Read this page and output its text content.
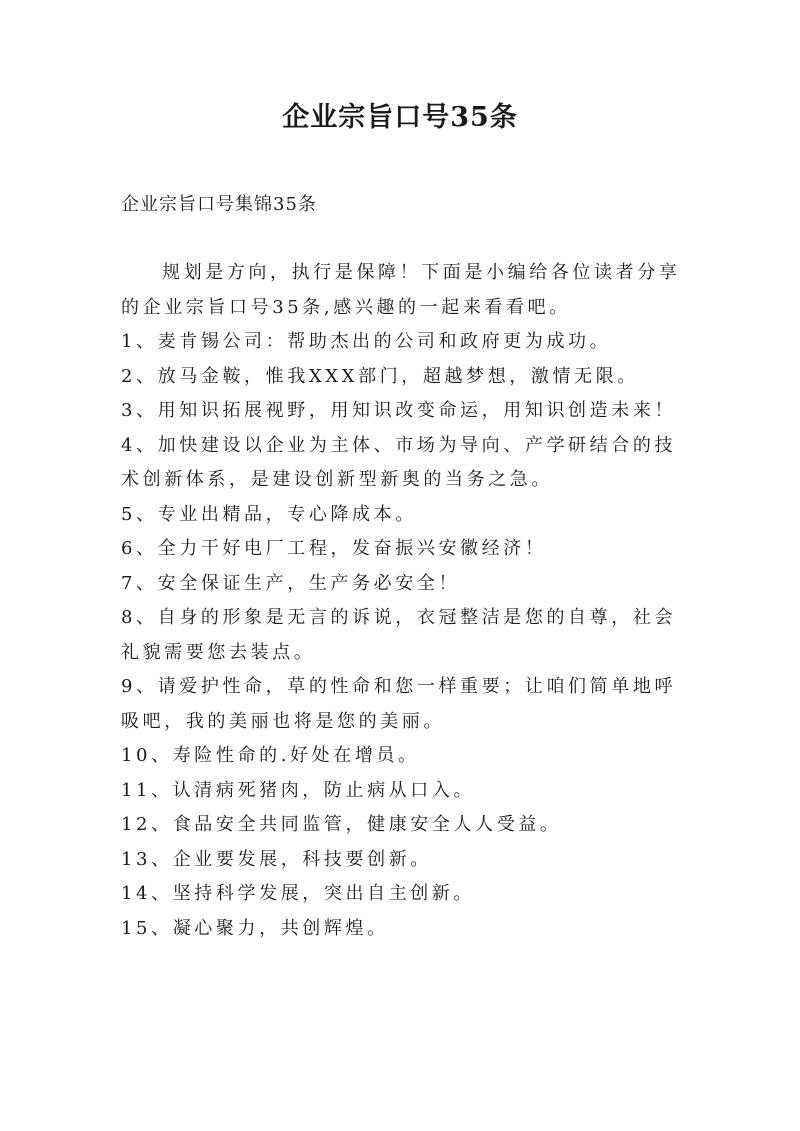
企业宗旨口号35条
企业宗旨口号集锦35条

规划是方向，执行是保障！下面是小编给各位读者分享的企业宗旨口号35条,感兴趣的一起来看看吧。

1、麦肯锡公司：帮助杰出的公司和政府更为成功。

2、放马金鞍，惟我XXX部门，超越梦想，激情无限。

3、用知识拓展视野，用知识改变命运，用知识创造未来！

4、加快建设以企业为主体、市场为导向、产学研结合的技术创新体系，是建设创新型新奥的当务之急。

5、专业出精品，专心降成本。

6、全力干好电厂工程，发奋振兴安徽经济！

7、安全保证生产，生产务必安全！

8、自身的形象是无言的诉说，衣冠整洁是您的自尊，社会礼貌需要您去装点。

9、请爱护性命，草的性命和您一样重要；让咱们简单地呼吸吧，我的美丽也将是您的美丽。

10、寿险性命的.好处在增员。

11、认清病死猪肉，防止病从口入。

12、食品安全共同监管，健康安全人人受益。

13、企业要发展，科技要创新。

14、坚持科学发展，突出自主创新。

15、凝心聚力，共创辉煌。
